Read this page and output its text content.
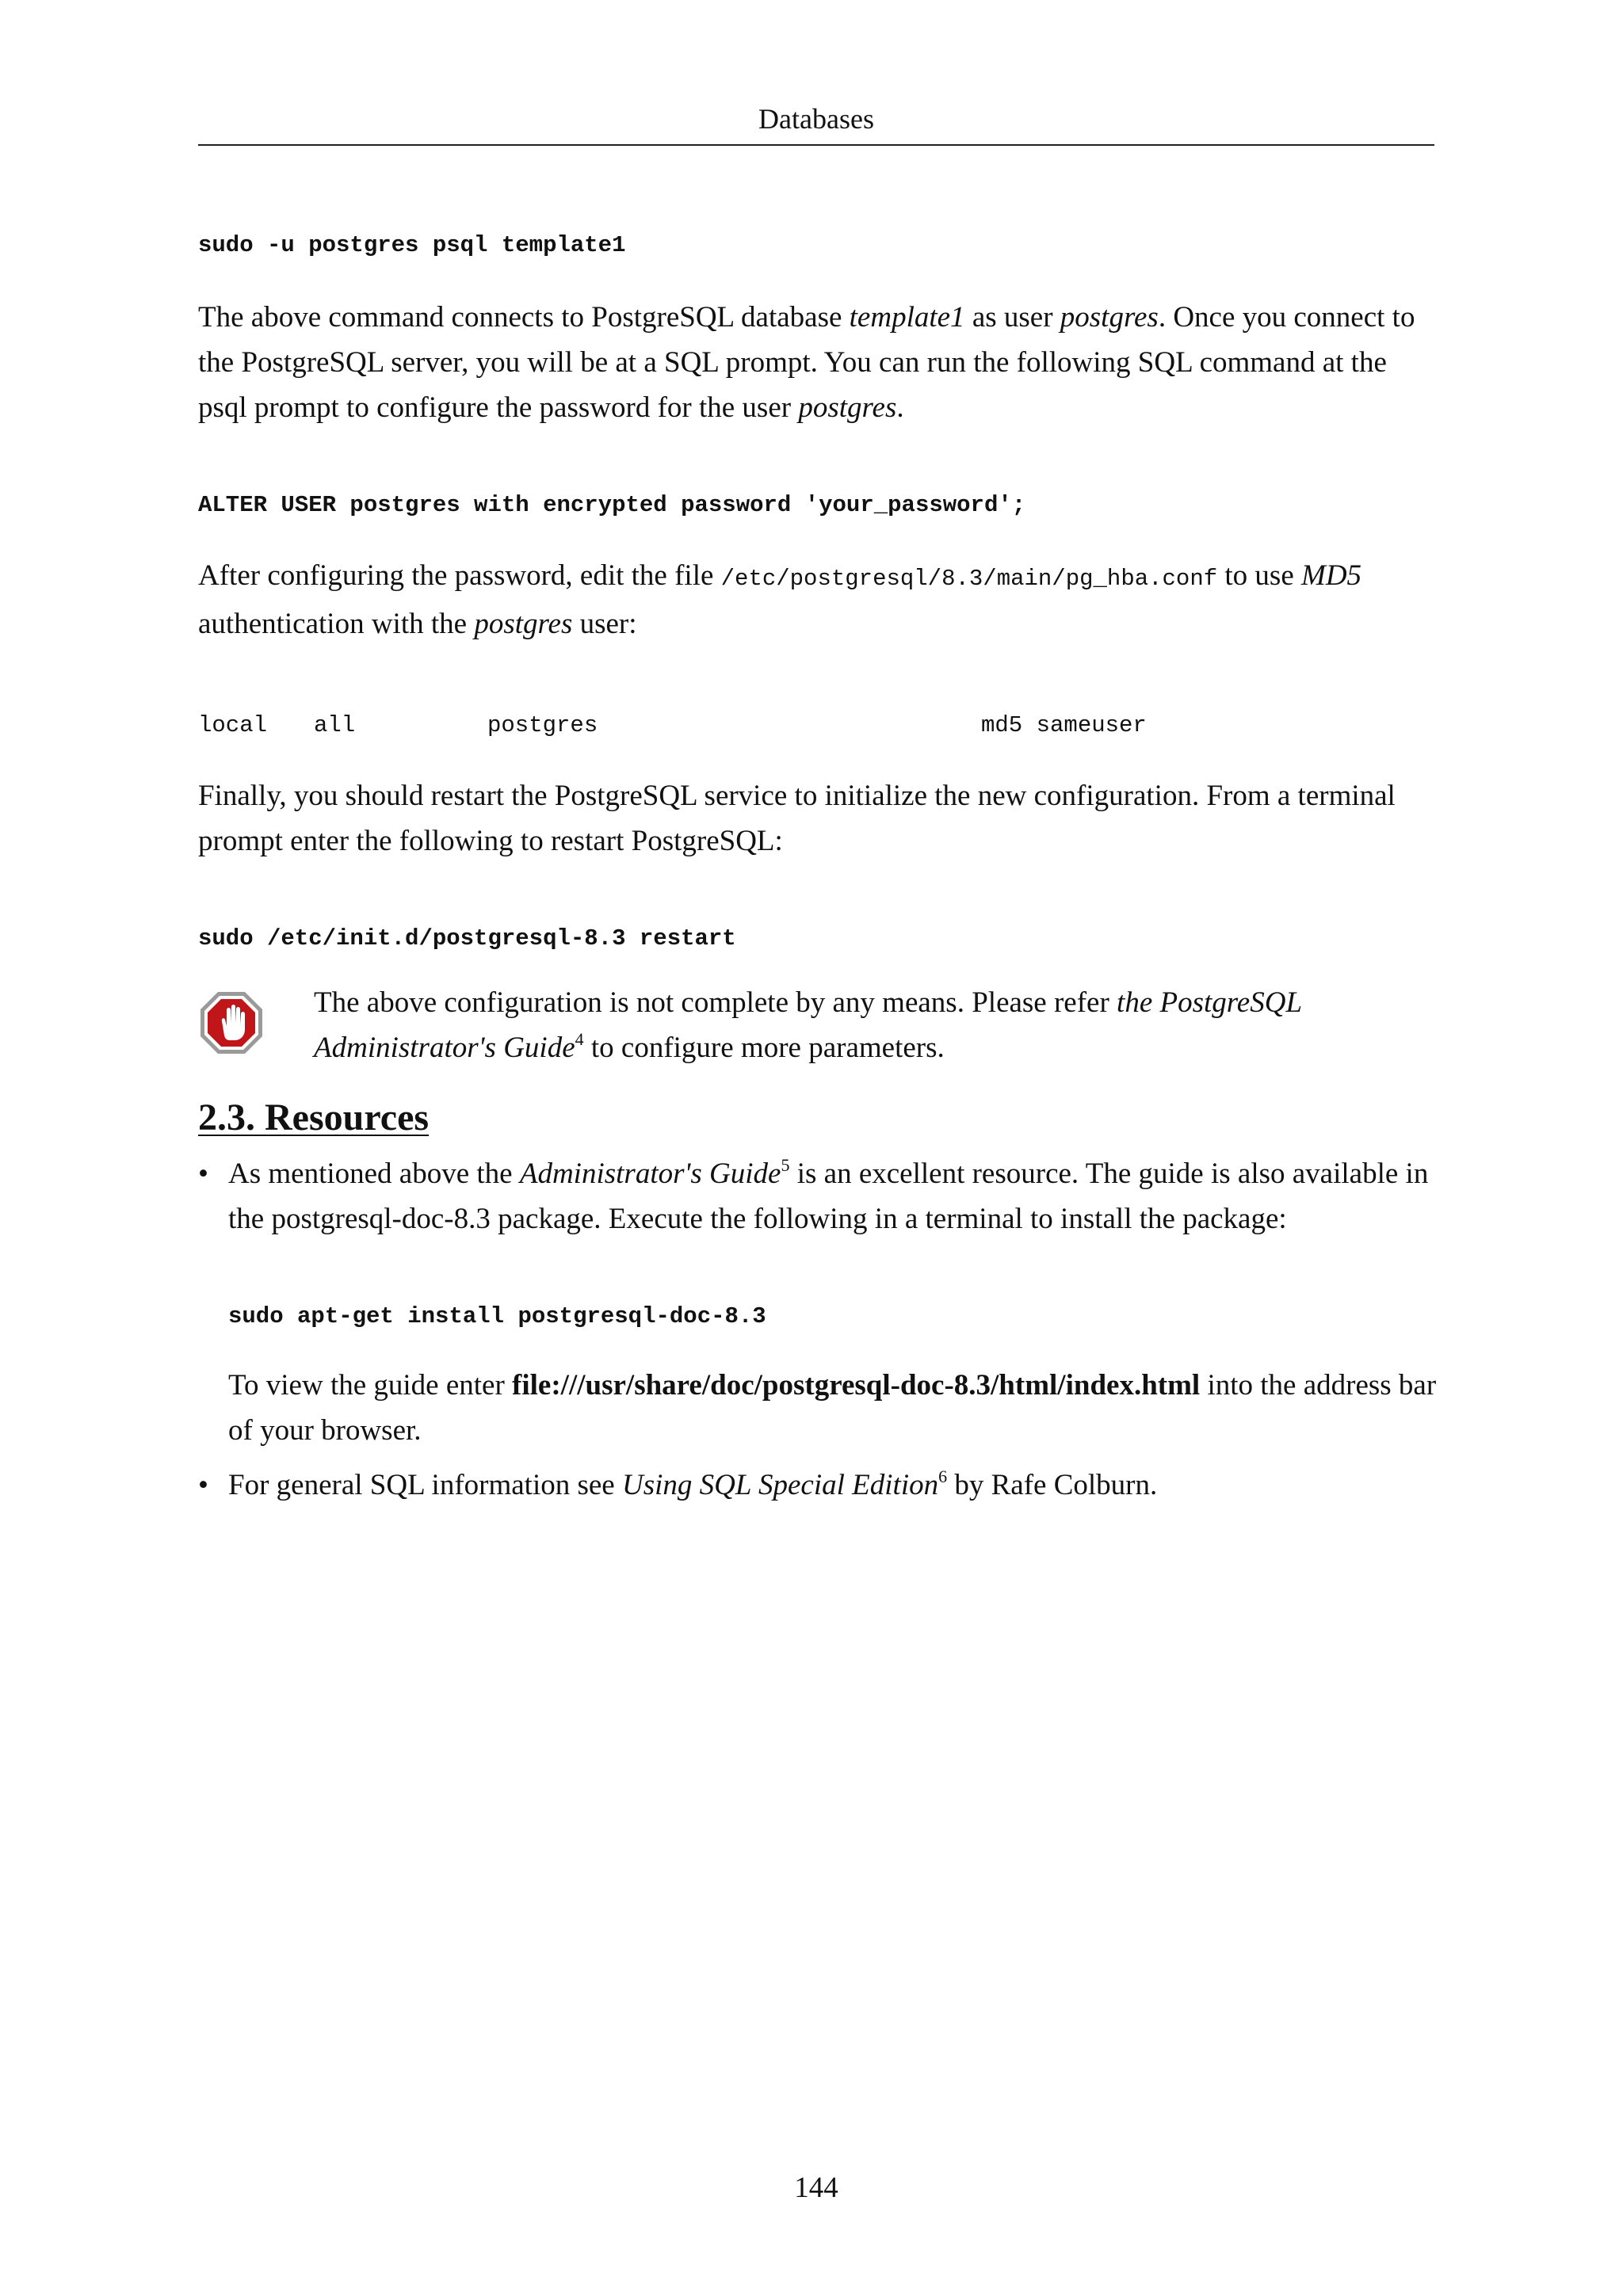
Databases

sudo -u postgres psql template1

The above command connects to PostgreSQL database template1 as user postgres. Once you connect to the PostgreSQL server, you will be at a SQL prompt. You can run the following SQL command at the psql prompt to configure the password for the user postgres.

ALTER USER postgres with encrypted password 'your_password';

After configuring the password, edit the file /etc/postgresql/8.3/main/pg_hba.conf to use MD5 authentication with the postgres user:

local	all	postgres	md5 sameuser

Finally, you should restart the PostgreSQL service to initialize the new configuration. From a terminal prompt enter the following to restart PostgreSQL:

sudo /etc/init.d/postgresql-8.3 restart

The above configuration is not complete by any means. Please refer the PostgreSQL Administrator's Guide$^4$ to configure more parameters.

2.3. Resources
• As mentioned above the Administrator's Guide$^5$ is an excellent resource. The guide is also available in the postgresql-doc-8.3 package. Execute the following in a terminal to install the package:

sudo apt-get install postgresql-doc-8.3

To view the guide enter file:///usr/share/doc/postgresql-doc-8.3/html/index.html into the address bar of your browser.

• For general SQL information see Using SQL Special Edition$^6$ by Rafe Colburn.

144
